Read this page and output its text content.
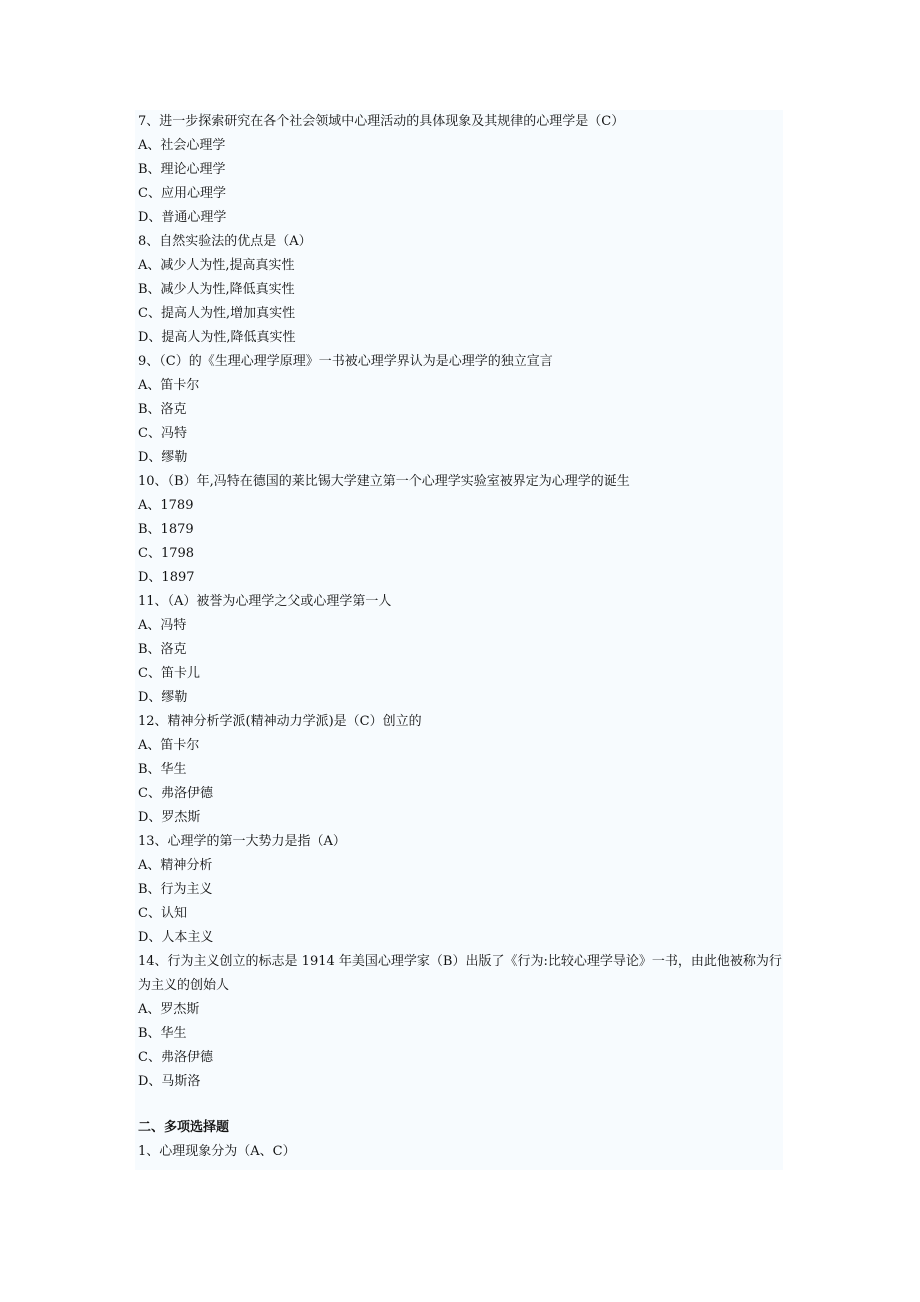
7、进一步探索研究在各个社会领域中心理活动的具体现象及其规律的心理学是（C）
A、社会心理学
B、理论心理学
C、应用心理学
D、普通心理学
8、自然实验法的优点是（A）
A、减少人为性,提高真实性
B、减少人为性,降低真实性
C、提高人为性,增加真实性
D、提高人为性,降低真实性
9、（C）的《生理心理学原理》一书被心理学界认为是心理学的独立宣言
A、笛卡尔
B、洛克
C、冯特
D、缪勒
10、（B）年,冯特在德国的莱比锡大学建立第一个心理学实验室被界定为心理学的诞生
A、1789
B、1879
C、1798
D、1897
11、（A）被誉为心理学之父或心理学第一人
A、冯特
B、洛克
C、笛卡儿
D、缪勒
12、精神分析学派(精神动力学派)是（C）创立的
A、笛卡尔
B、华生
C、弗洛伊德
D、罗杰斯
13、心理学的第一大势力是指（A）
A、精神分析
B、行为主义
C、认知
D、人本主义
14、行为主义创立的标志是 1914 年美国心理学家（B）出版了《行为:比较心理学导论》一书，由此他被称为行为主义的创始人
A、罗杰斯
B、华生
C、弗洛伊德
D、马斯洛
二、多项选择题
1、心理现象分为（A、C）
